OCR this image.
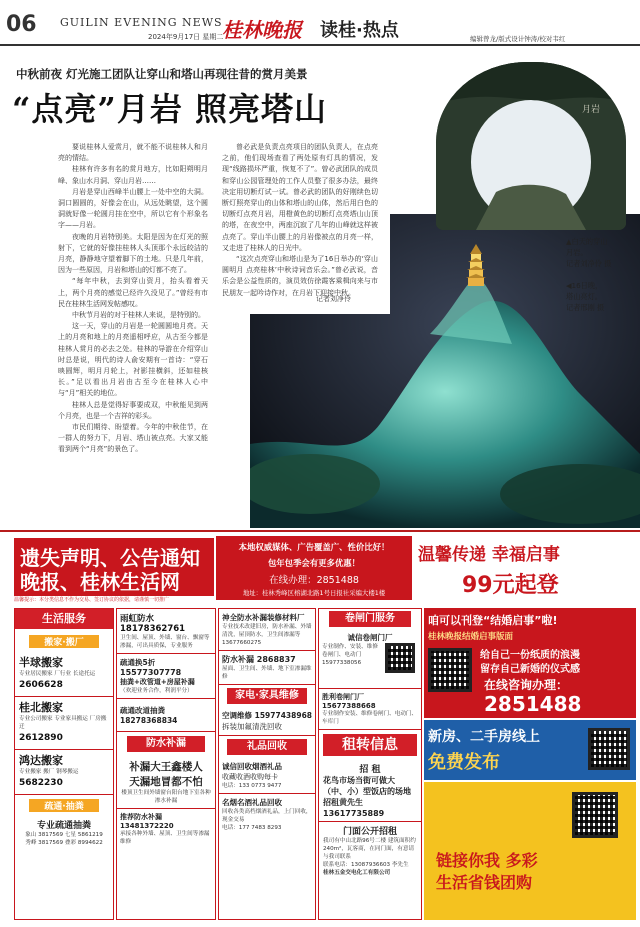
06 GUILIN EVENING NEWS
2024年9月17日 星期二
桂林晚报 读桂·热点	编辑曾龙/版式设计钟涛/校对韦红
中秋前夜 灯光施工团队让穿山和塔山再现往昔的赏月美景
“点亮”月岩 照亮塔山

要说桂林人爱赏月，就不能不说桂林人和月亮的情结。

桂林有许多有名的赏月地方，比如阳朔明月峰、象山水月洞、穿山月岩……

月岩是穿山西峰半山腰上一处中空的大洞。洞口圆圆的，好像会在山，从远处眺望，这个圆洞就好像一轮圆月挂在空中，所以它有个形象名字——月岩。

夜晚的月岩特别美。太阳是因为在灯光的照射下，它就的好像挂桂林人头顶那个永远皎洁的月亮，静静地守望着脚下的土地。只是几年前，因为一些原因，月岩和塔山的灯都不亮了。

“每年中秋，去到穿山资月，抬头看着天上，两个月亮的感觉已经许久没见了。”曾经有市民在桂林生活网发帖感叹。

中秋节月岩的对于桂林人来说，是特别的。

这一天，穿山的月岩是一轮圆圆地月亮。天上的月亮和地上的月亮遥相呼应，从古至今都是桂林人赏月的必去之处。桂林的导游在介绍穿山时总是说，明代的诗人俞安期有一首诗：“穿石映圆辉，明月月轮上，衬影挂横斜，还如桂核长。”足以看出月岩由古至今在桂林人心中与“月”相关的地位。

桂林人总是觉得好事要成双，中秋能见到两个月亮，也是一个吉祥的彩头。

市民们期待、盼望着。今年的中秋佳节，在一群人的努力下，月岩、塔山被点亮。大家又能看到两个“月亮”的景色了。

曾必武是负责点亮项目的团队负责人，在点亮之前，他们现场查看了两处原有灯具的情况，发现“线路损坏严重，恢复不了”。曾必武团队的成员和穿山公园管理处的工作人员整了很多办法，最终决定用切断灯试一试。曾必武的团队的好刚续色切断灯照亮穿山的山体和塔山的山体，然后用白色的切断灯点亮月岩，用橙黄色的切断灯点亮塔山山顶的塔，在夜空中，两座沉寂了几年的山峰就这样被点亮了。穿山半山腰上的月岩像被点的月亮一样，又走进了桂林人的日光中。

“这次点亮穿山和塔山是为了16日举办的‘穿山圆明月 点亮桂林’中秋诗词音乐会。”曾必武说，音乐会是公益性质的，演员效仿徐霞客乘楫向来与市民朋友一起吟诗作对，在月岩下迎接中秋。

记者刘净伶
月岩
▲白天的穿山
月岩。
记者刘净伶 摄
◀16日晚，
塔山亮灯。
记者邢刚 摄
遗失声明、公告通知
晚报、桂林生活网
温馨提示：本分类信息不作为交易、签订协议的依据，请谨慎一切推广
本地权威媒体、广告覆盖广、性价比好！
包年包季会有更多优惠！
在线办理：2851488
地址：桂林秀峰区榕湖北路1号日报社采编大楼1楼
温馨传递 幸福启事
99元起登
生活服务
搬家·搬厂
半球搬家
专业居民搬家 厂行业 长途托运
2606628
桂北搬家
专业公司搬家 专业家具搬运 厂房搬迁
2612890
鸿达搬家
专业搬家 搬厂 钢琴搬运
5682230
疏通·抽粪
专业疏通抽粪
象山 3817569 七星 5861219
秀峰 3817569 叠彩 8994622
雨虹防水
18178362761
卫生间、屋顶、外墙、窗台、飘窗等渗漏，可出具质保，专业服务
疏通换5折
15577307778
抽粪+改管道+房屋补漏
（欢迎业务合作，利润平分）
疏通改道抽粪 18278368834
防水补漏
补漏大王鑫楼人
天漏地冒都不怕
楼顶卫生间外墙窗台阳台地下室各种渗水补漏
推荐防水补漏 13481372220
承接各种外墙、屋顶、卫生间等渗漏维修
神全防水补漏装修材料厂
专业技术改建旧房，防水补漏、外墙清洗，屋顶防水，卫生间渗漏等
13677660275
防水补漏 2868837
屋面、卫生间、外墙、地下室渗漏维修
家电·家具维修
空调维修 15977438968
拆装加氟清洗回收
礼品回收
诚信回收烟酒礼品
收藏收酒收购每卡
电话：133 0773 9477
名烟名酒礼品回收
回收各类高档烟酒礼品，上门回收，现金交易
电话：177 7483 8293
卷闸门服务
诚信卷闸门厂
专业制作、安装、维修卷闸门、电动门
15977338056
胜利卷闸门厂 15677388668
专业制作安装、维修卷闸门、电动门、车库门
租转信息
招 租
花鸟市场当街可做大（中、小）型饭店的场地招租黄先生 13617735889
门面公开招租
我司有中山北路96号二楼 建筑面积约240m²，瓦客商，在同门面，有意请与我司联系
联系电话：13087936603 李先生
桂林五金交电化工有限公司
咱可以刊登“结婚启事”啦!
桂林晚报结婚启事版面
给自己一份纸质的浪漫
留存自己新婚的仪式感
在线咨询办理：
2851488
新房、二手房线上
免费发布
链接你我 多彩
生活省钱团购
